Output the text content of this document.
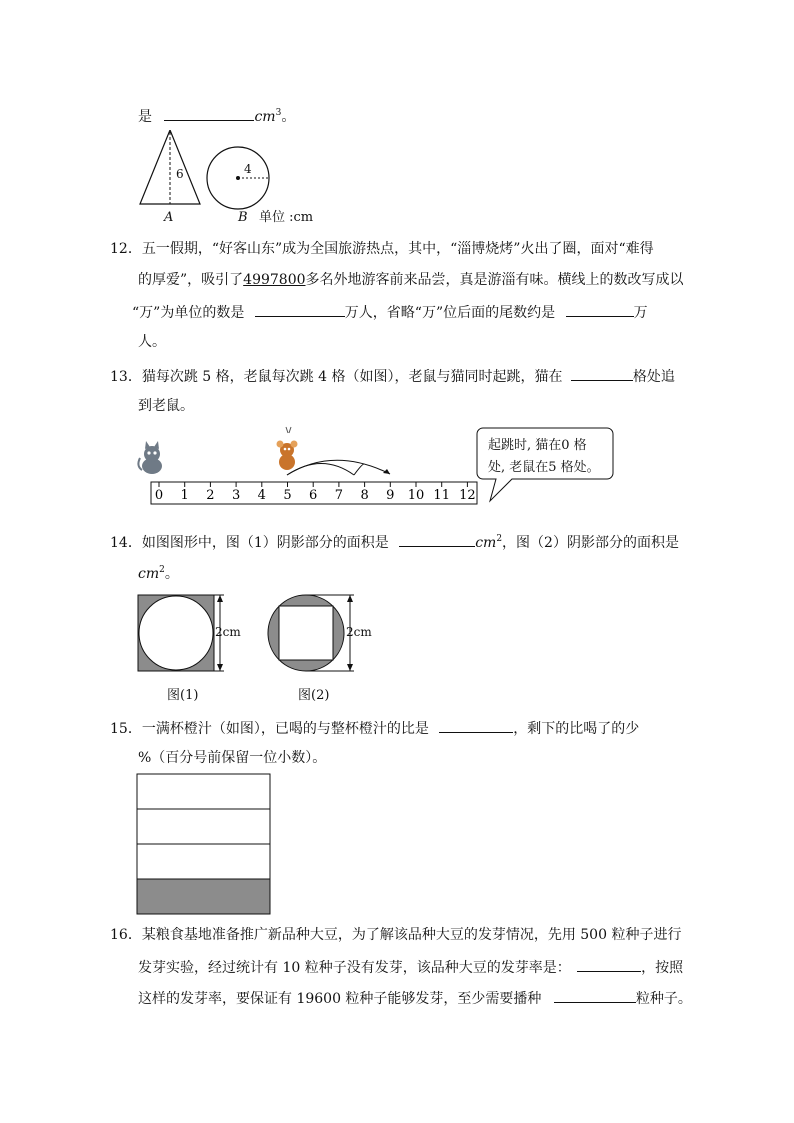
是	$cm^3$。
6
A
4
B 单位 :cm
12．五一假期，“好客山东”成为全国旅游热点，其中，“淄博烧烤”火出了圈，面对“难得
的厚爱”，吸引了4997800多名外地游客前来品尝，真是游淄有味。横线上的数改写成以
“万”为单位的数是	万人，省略“万”位后面的尾数约是	万
人。
13．猫每次跳 5 格，老鼠每次跳 4 格（如图），老鼠与猫同时起跳，猫在	格处追
到老鼠。
0 1 2 3 4 5 6 7 8 9 10 11 12
起跳时, 猫在0 格
处, 老鼠在5 格处。
14．如图图形中，图（1）阴影部分的面积是	$cm^2$，图（2）阴影部分的面积是
$cm^2$。
2cm	2cm
图(1)	图(2)
15．一满杯橙汁（如图），已喝的与整杯橙汁的比是	，剩下的比喝了的少
%（百分号前保留一位小数）。
16．某粮食基地准备推广新品种大豆，为了解该品种大豆的发芽情况，先用 500 粒种子进行
发芽实验，经过统计有 10 粒种子没有发芽，该品种大豆的发芽率是：	，按照
这样的发芽率，要保证有 19600 粒种子能够发芽，至少需要播种	粒种子。
